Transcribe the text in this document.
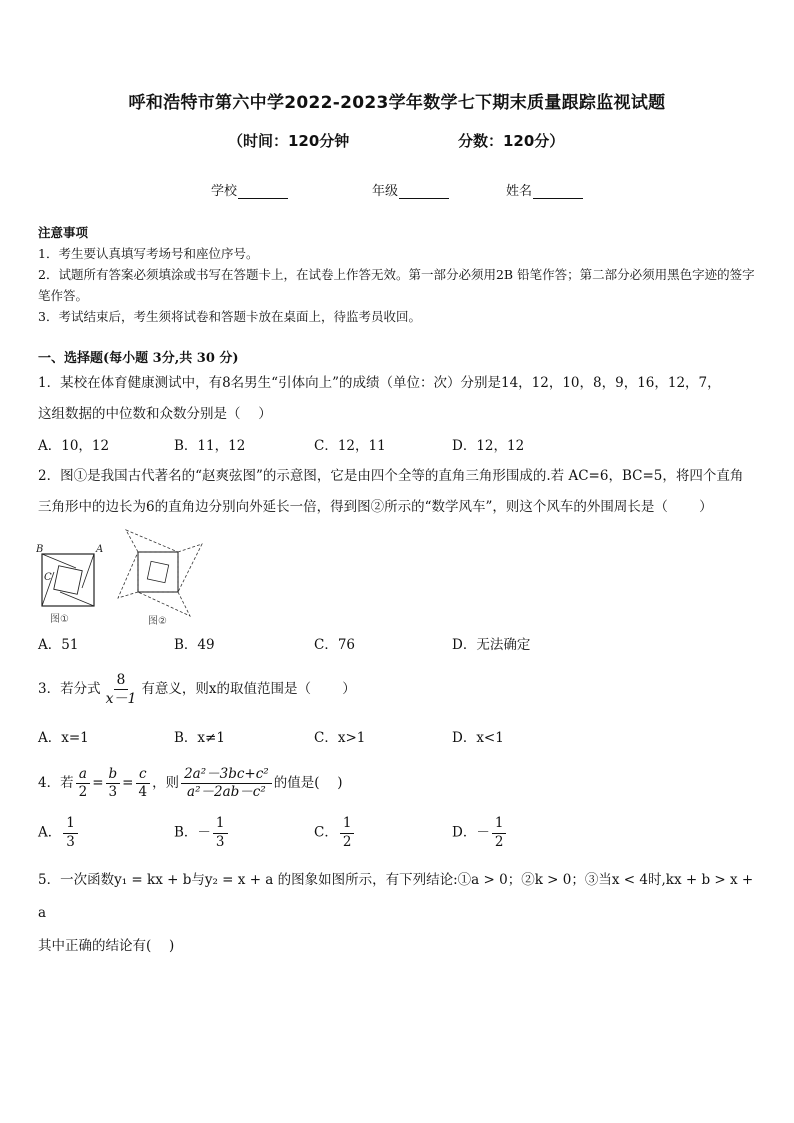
呼和浩特市第六中学2022-2023学年数学七下期末质量跟踪监视试题
（时间：120分钟	分数：120分）
学校	年级	姓名
注意事项
1．考生要认真填写考场号和座位序号。
2．试题所有答案必须填涂或书写在答题卡上，在试卷上作答无效。第一部分必须用2B 铅笔作答；第二部分必须用黑色字迹的签字笔作答。
3．考试结束后，考生须将试卷和答题卡放在桌面上，待监考员收回。
一、选择题(每小题 3分,共 30 分)
1．某校在体育健康测试中，有8名男生“引体向上”的成绩（单位：次）分别是14，12，10，8，9，16，12，7，
这组数据的中位数和众数分别是（　 ）
A．10，12	B．11，12	C．12，11	D．12，12
2．图①是我国古代著名的“赵爽弦图”的示意图，它是由四个全等的直角三角形围成的.若 AC=6，BC=5，将四个直角
三角形中的边长为6的直角边分别向外延长一倍，得到图②所示的“数学风车”，则这个风车的外围周长是（　　 ）
B	A
C
图①	图②
A．51	B．49	C．76	D．无法确定
3．若分式 $\frac{8}{x-1}$ 有意义，则x的取值范围是（　　 ）
A．x=1	B．x≠1	C．x>1	D．x<1
4．若 $\frac{a}{2} = \frac{b}{3} = \frac{c}{4}$ ，则 $\frac{\text{2a²－3bc+c²}}{\text{a²－2ab－c²}}$ 的值是(　 )
A． $\frac{1}{3}$	B．－ $\frac{1}{3}$	C． $\frac{1}{2}$	D．－ $\frac{1}{2}$
5．一次函数y₁ = kx + b与y₂ = x + a 的图象如图所示，有下列结论:①a > 0；②k > 0；③当x < 4时,kx + b > x + a
其中正确的结论有(　 )
